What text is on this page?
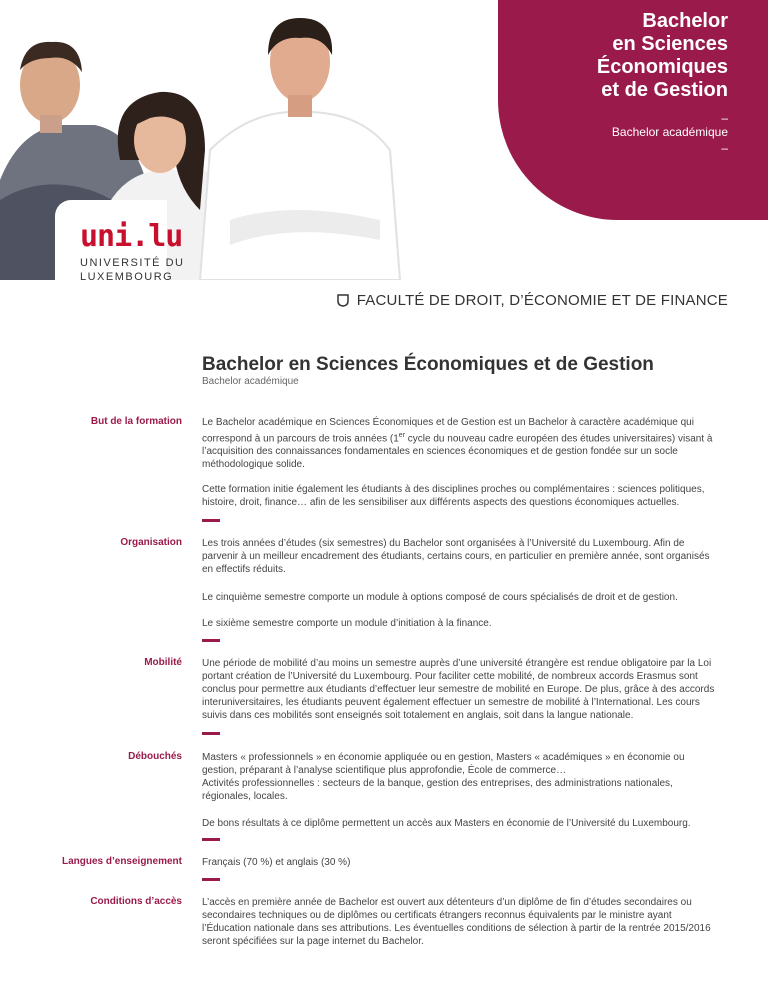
uni.lu
UNIVERSITÉ DU
LUXEMBOURG
Bachelor
en Sciences
Économiques
et de Gestion
–
Bachelor académique
–
FACULTÉ DE DROIT, D’ÉCONOMIE ET DE FINANCE
Bachelor en Sciences Économiques et de Gestion
Bachelor académique
But de la formation Le Bachelor académique en Sciences Économiques et de Gestion est un Bachelor à caractère académique qui correspond à un parcours de trois années (1er cycle du nouveau cadre européen des études universitaires) visant à l’acquisition des connaissances fondamentales en sciences économiques et de gestion fondée sur un socle méthodologique solide.

Cette formation initie également les étudiants à des disciplines proches ou complémentaires : sciences politiques, histoire, droit, finance… afin de les sensibiliser aux différents aspects des questions économiques actuelles.

Organisation Les trois années d’études (six semestres) du Bachelor sont organisées à l’Université du Luxembourg. Afin de parvenir à un meilleur encadrement des étudiants, certains cours, en particulier en première année, sont organisés en effectifs réduits.

Le cinquième semestre comporte un module à options composé de cours spécialisés de droit et de gestion.

Le sixième semestre comporte un module d’initiation à la finance.

Mobilité Une période de mobilité d’au moins un semestre auprès d’une université étrangère est rendue obligatoire par la Loi portant création de l’Université du Luxembourg. Pour faciliter cette mobilité, de nombreux accords Erasmus sont conclus pour permettre aux étudiants d’effectuer leur semestre de mobilité en Europe. De plus, grâce à des accords interuniversitaires, les étudiants peuvent également effectuer un semestre de mobilité à l’International. Les cours suivis dans ces mobilités sont enseignés soit totalement en anglais, soit dans la langue nationale.

Débouchés Masters « professionnels » en économie appliquée ou en gestion, Masters « académiques » en économie ou gestion, préparant à l’analyse scientifique plus approfondie, École de commerce…

Activités professionnelles : secteurs de la banque, gestion des entreprises, des administrations nationales, régionales, locales.

De bons résultats à ce diplôme permettent un accès aux Masters en économie de l’Université du Luxembourg.

Langues d’enseignement Français (70 %) et anglais (30 %)

Conditions d’accès L’accès en première année de Bachelor est ouvert aux détenteurs d’un diplôme de fin d’études secondaires ou secondaires techniques ou de diplômes ou certificats étrangers reconnus équivalents par le ministre ayant l’Éducation nationale dans ses attributions. Les éventuelles conditions de sélection à partir de la rentrée 2015/2016 seront spécifiées sur la page internet du Bachelor.
